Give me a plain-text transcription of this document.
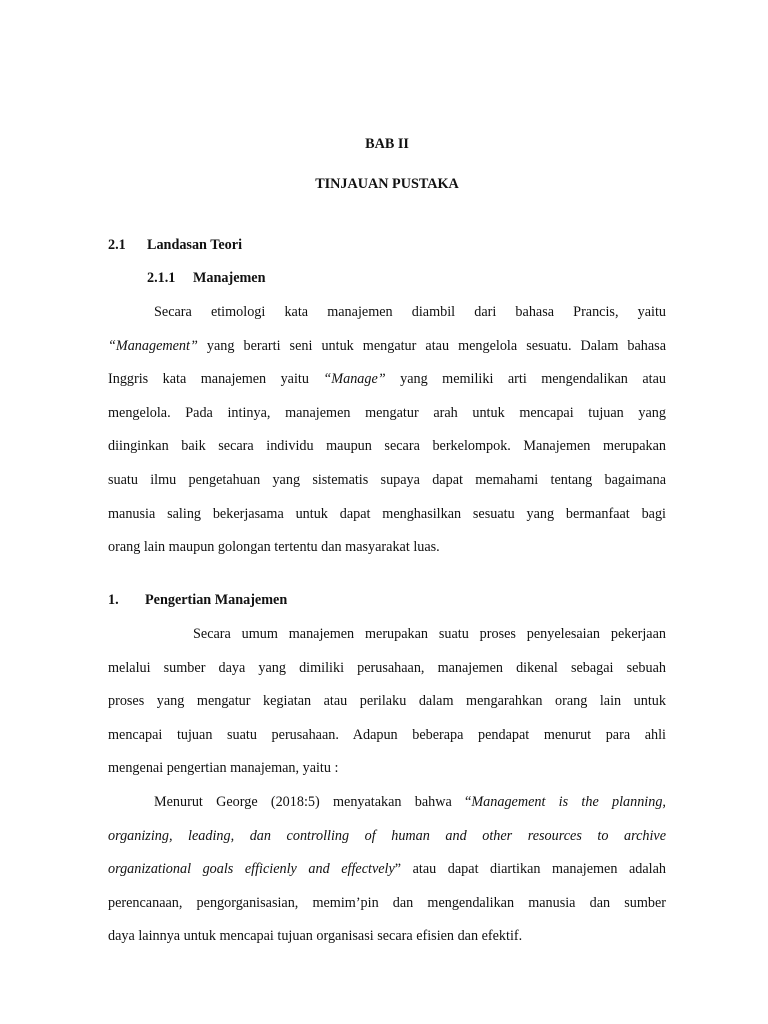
BAB II
TINJAUAN PUSTAKA
2.1 Landasan Teori
2.1.1 Manajemen
Secara etimologi kata manajemen diambil dari bahasa Prancis, yaitu
“Management” yang berarti seni untuk mengatur atau mengelola sesuatu. Dalam bahasa
Inggris kata manajemen yaitu “Manage” yang memiliki arti mengendalikan atau
mengelola. Pada intinya, manajemen mengatur arah untuk mencapai tujuan yang
diinginkan baik secara individu maupun secara berkelompok. Manajemen merupakan
suatu ilmu pengetahuan yang sistematis supaya dapat memahami tentang bagaimana
manusia saling bekerjasama untuk dapat menghasilkan sesuatu yang bermanfaat bagi
orang lain maupun golongan tertentu dan masyarakat luas.
1. Pengertian Manajemen
Secara umum manajemen merupakan suatu proses penyelesaian pekerjaan
melalui sumber daya yang dimiliki perusahaan, manajemen dikenal sebagai sebuah
proses yang mengatur kegiatan atau perilaku dalam mengarahkan orang lain untuk
mencapai tujuan suatu perusahaan. Adapun beberapa pendapat menurut para ahli
mengenai pengertian manajeman, yaitu :
Menurut George (2018:5) menyatakan bahwa “Management is the planning,
organizing, leading, dan controlling of human and other resources to archive
organizational goals efficienly and effectvely” atau dapat diartikan manajemen adalah
perencanaan, pengorganisasian, memim’pin dan mengendalikan manusia dan sumber
daya lainnya untuk mencapai tujuan organisasi secara efisien dan efektif.
